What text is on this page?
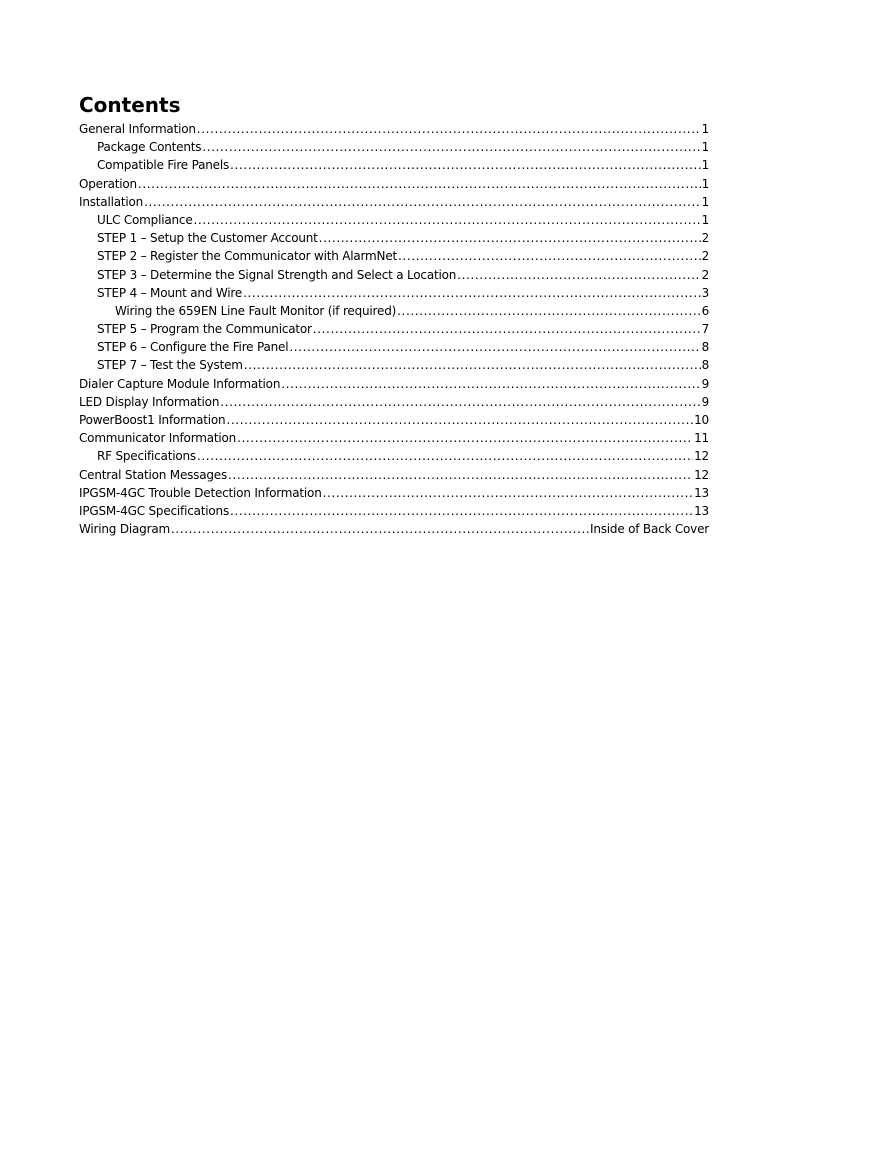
Contents
General Information .....	1
Package Contents .....	1
Compatible Fire Panels .....	1
Operation .....	1
Installation .....	1
ULC Compliance .....	1
STEP 1 – Setup the Customer Account .....	2
STEP 2 – Register the Communicator with AlarmNet .....	2
STEP 3 – Determine the Signal Strength and Select a Location .....	2
STEP 4 – Mount and Wire .....	3
Wiring the 659EN Line Fault Monitor (if required) .....	6
STEP 5 – Program the Communicator .....	7
STEP 6 – Configure the Fire Panel .....	8
STEP 7 – Test the System .....	8
Dialer Capture Module Information .....	9
LED Display Information .....	9
PowerBoost1 Information .....	10
Communicator Information .....	11
RF Specifications .....	12
Central Station Messages .....	12
IPGSM-4GC Trouble Detection Information .....	13
IPGSM-4GC Specifications .....	13
Wiring Diagram .....	Inside of Back Cover
